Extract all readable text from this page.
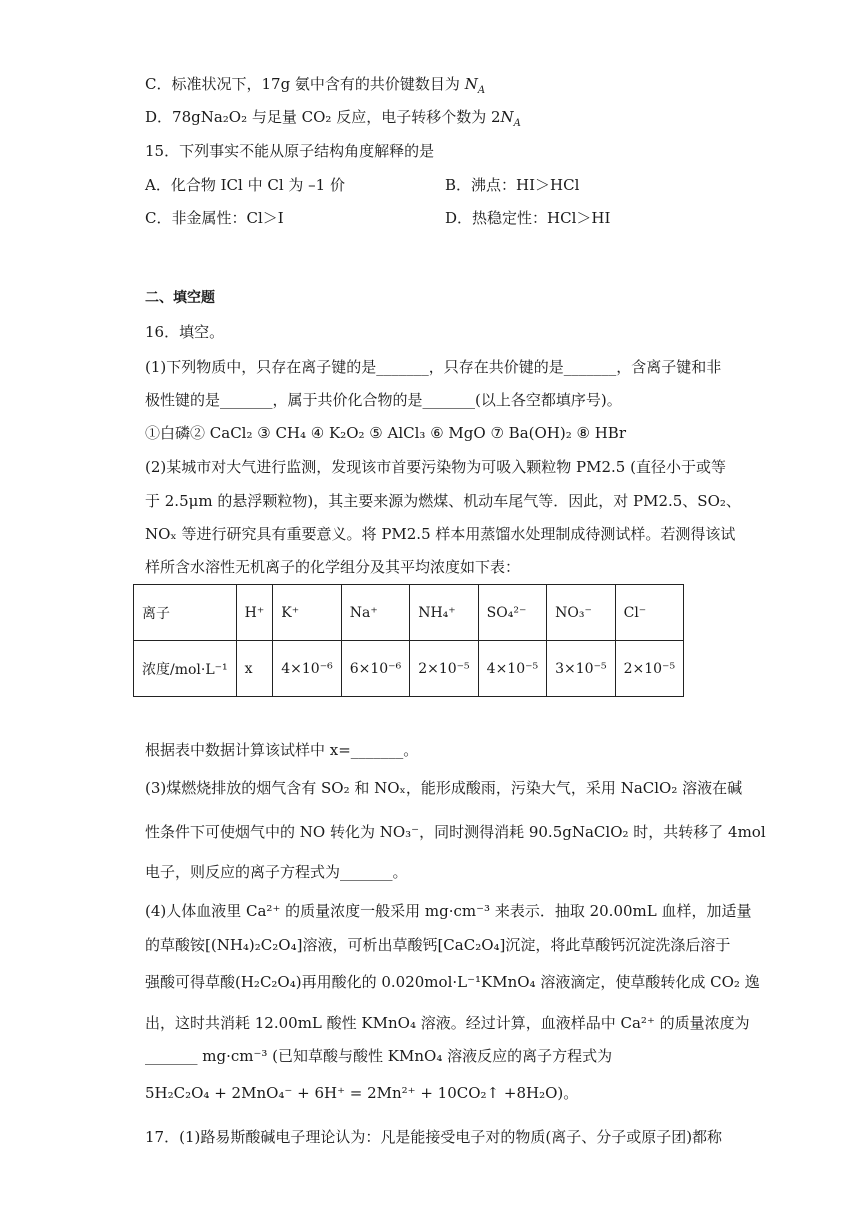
C．标准状况下，17g 氨中含有的共价键数目为 $N_A$
D．78gNa₂O₂ 与足量 CO₂ 反应，电子转移个数为 $2N_A$
15．下列事实不能从原子结构角度解释的是
A．化合物 ICl 中 Cl 为 –1 价	B．沸点：HI＞HCl
C．非金属性：Cl＞I	D．热稳定性：HCl＞HI
二、填空题
16．填空。
(1)下列物质中，只存在离子键的是_______，只存在共价键的是_______，含离子键和非
极性键的是_______，属于共价化合物的是_______(以上各空都填序号)。
①白磷② CaCl₂ ③ CH₄ ④ K₂O₂ ⑤ AlCl₃ ⑥ MgO ⑦ Ba(OH)₂ ⑧ HBr
(2)某城市对大气进行监测，发现该市首要污染物为可吸入颗粒物 PM2.5 (直径小于或等
于 2.5μm 的悬浮颗粒物)，其主要来源为燃煤、机动车尾气等．因此，对 PM2.5、SO₂、
NOₓ 等进行研究具有重要意义。将 PM2.5 样本用蒸馏水处理制成待测试样。若测得该试
样所含水溶性无机离子的化学组分及其平均浓度如下表：
离子	H⁺	K⁺	Na⁺	NH₄⁺	SO₄²⁻	NO₃⁻	Cl⁻
浓度/mol·L⁻¹	x	4×10⁻⁶	6×10⁻⁶	2×10⁻⁵	4×10⁻⁵	3×10⁻⁵	2×10⁻⁵
根据表中数据计算该试样中 x=_______。
(3)煤燃烧排放的烟气含有 SO₂ 和 NOₓ，能形成酸雨，污染大气，采用 NaClO₂ 溶液在碱
性条件下可使烟气中的 NO 转化为 NO₃⁻，同时测得消耗 90.5gNaClO₂ 时，共转移了 4mol
电子，则反应的离子方程式为_______。
(4)人体血液里 Ca²⁺ 的质量浓度一般采用 mg·cm⁻³ 来表示．抽取 20.00mL 血样，加适量
的草酸铵[(NH₄)₂C₂O₄]溶液，可析出草酸钙[CaC₂O₄]沉淀，将此草酸钙沉淀洗涤后溶于
强酸可得草酸(H₂C₂O₄)再用酸化的 0.020mol·L⁻¹KMnO₄ 溶液滴定，使草酸转化成 CO₂ 逸
出，这时共消耗 12.00mL 酸性 KMnO₄ 溶液。经过计算，血液样品中 Ca²⁺ 的质量浓度为
_______ mg·cm⁻³ (已知草酸与酸性 KMnO₄ 溶液反应的离子方程式为
5H₂C₂O₄ + 2MnO₄⁻ + 6H⁺ = 2Mn²⁺ + 10CO₂↑ +8H₂O)。
17．(1)路易斯酸碱电子理论认为：凡是能接受电子对的物质(离子、分子或原子团)都称
